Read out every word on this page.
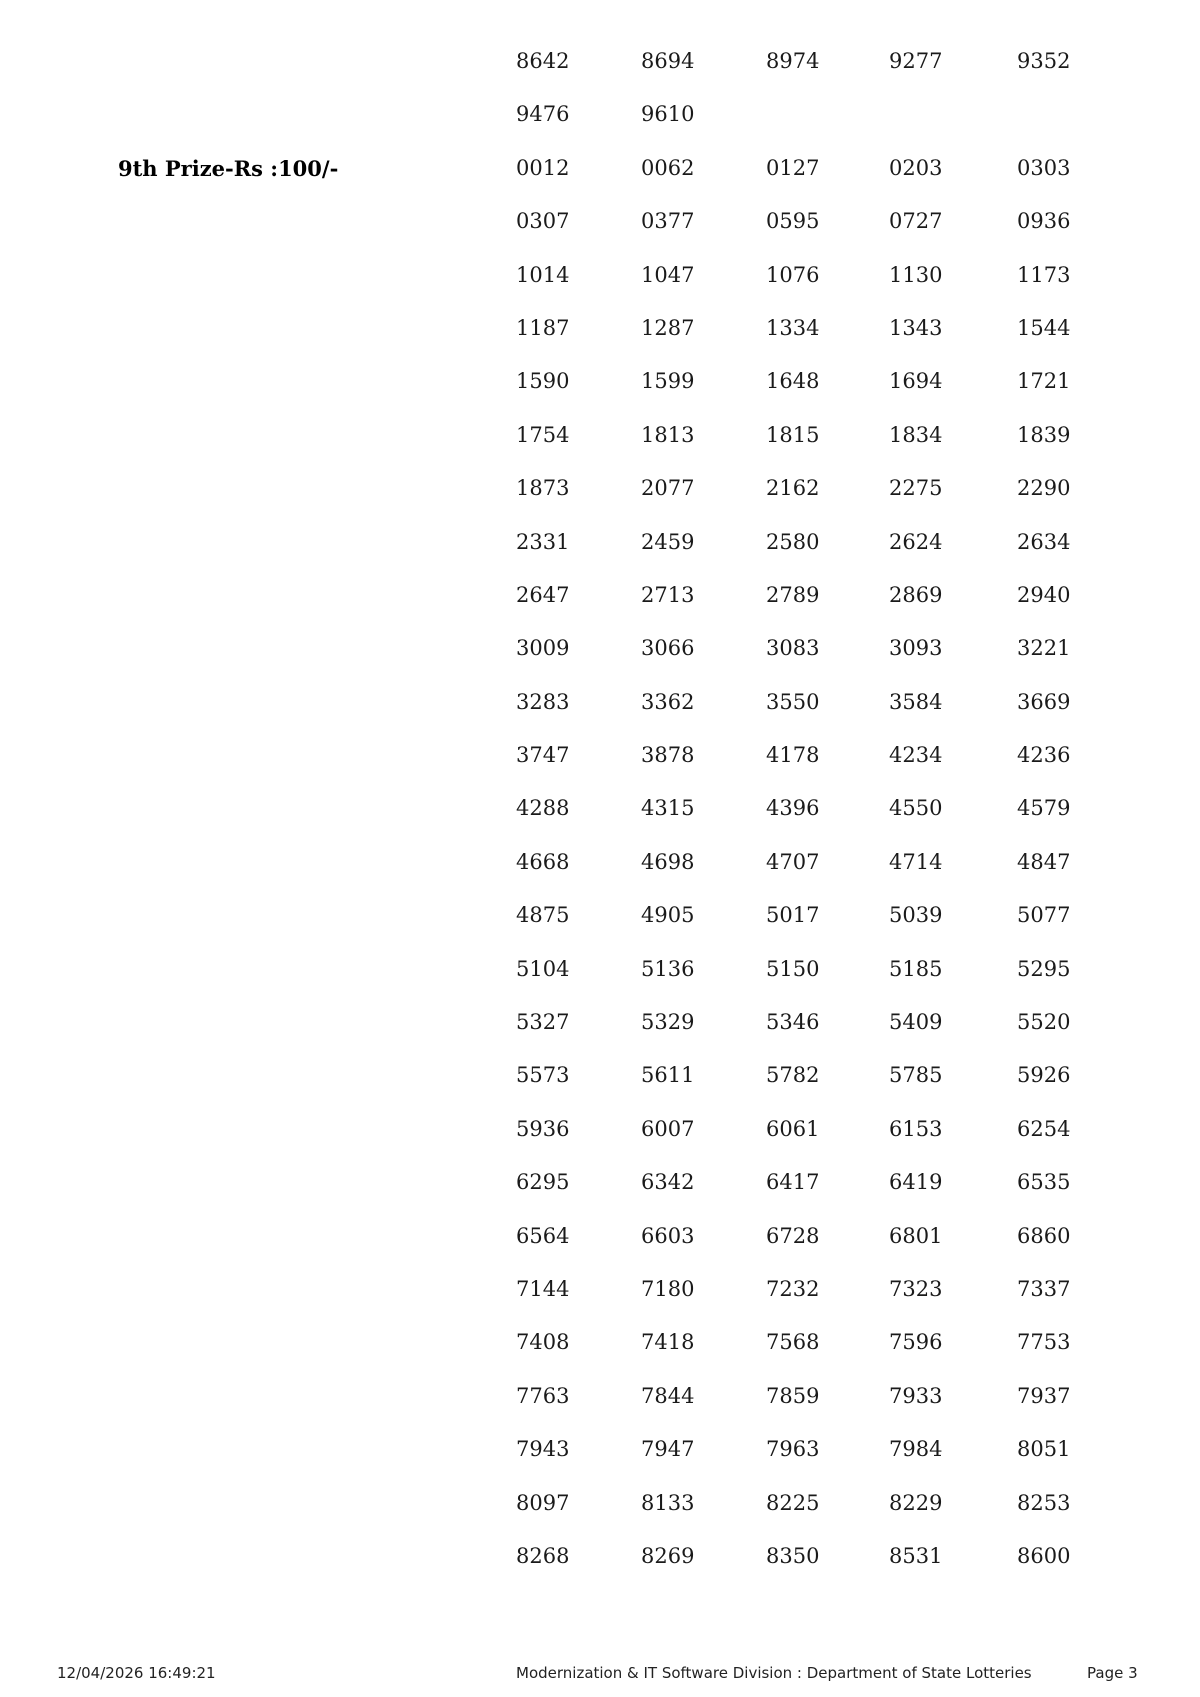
8642	8694	8974	9277	9352
9476	9610
9th Prize-Rs :100/-	0012	0062	0127	0203	0303
0307	0377	0595	0727	0936
1014	1047	1076	1130	1173
1187	1287	1334	1343	1544
1590	1599	1648	1694	1721
1754	1813	1815	1834	1839
1873	2077	2162	2275	2290
2331	2459	2580	2624	2634
2647	2713	2789	2869	2940
3009	3066	3083	3093	3221
3283	3362	3550	3584	3669
3747	3878	4178	4234	4236
4288	4315	4396	4550	4579
4668	4698	4707	4714	4847
4875	4905	5017	5039	5077
5104	5136	5150	5185	5295
5327	5329	5346	5409	5520
5573	5611	5782	5785	5926
5936	6007	6061	6153	6254
6295	6342	6417	6419	6535
6564	6603	6728	6801	6860
7144	7180	7232	7323	7337
7408	7418	7568	7596	7753
7763	7844	7859	7933	7937
7943	7947	7963	7984	8051
8097	8133	8225	8229	8253
8268	8269	8350	8531	8600
12/04/2026 16:49:21	Modernization & IT Software Division : Department of State Lotteries	Page 3
